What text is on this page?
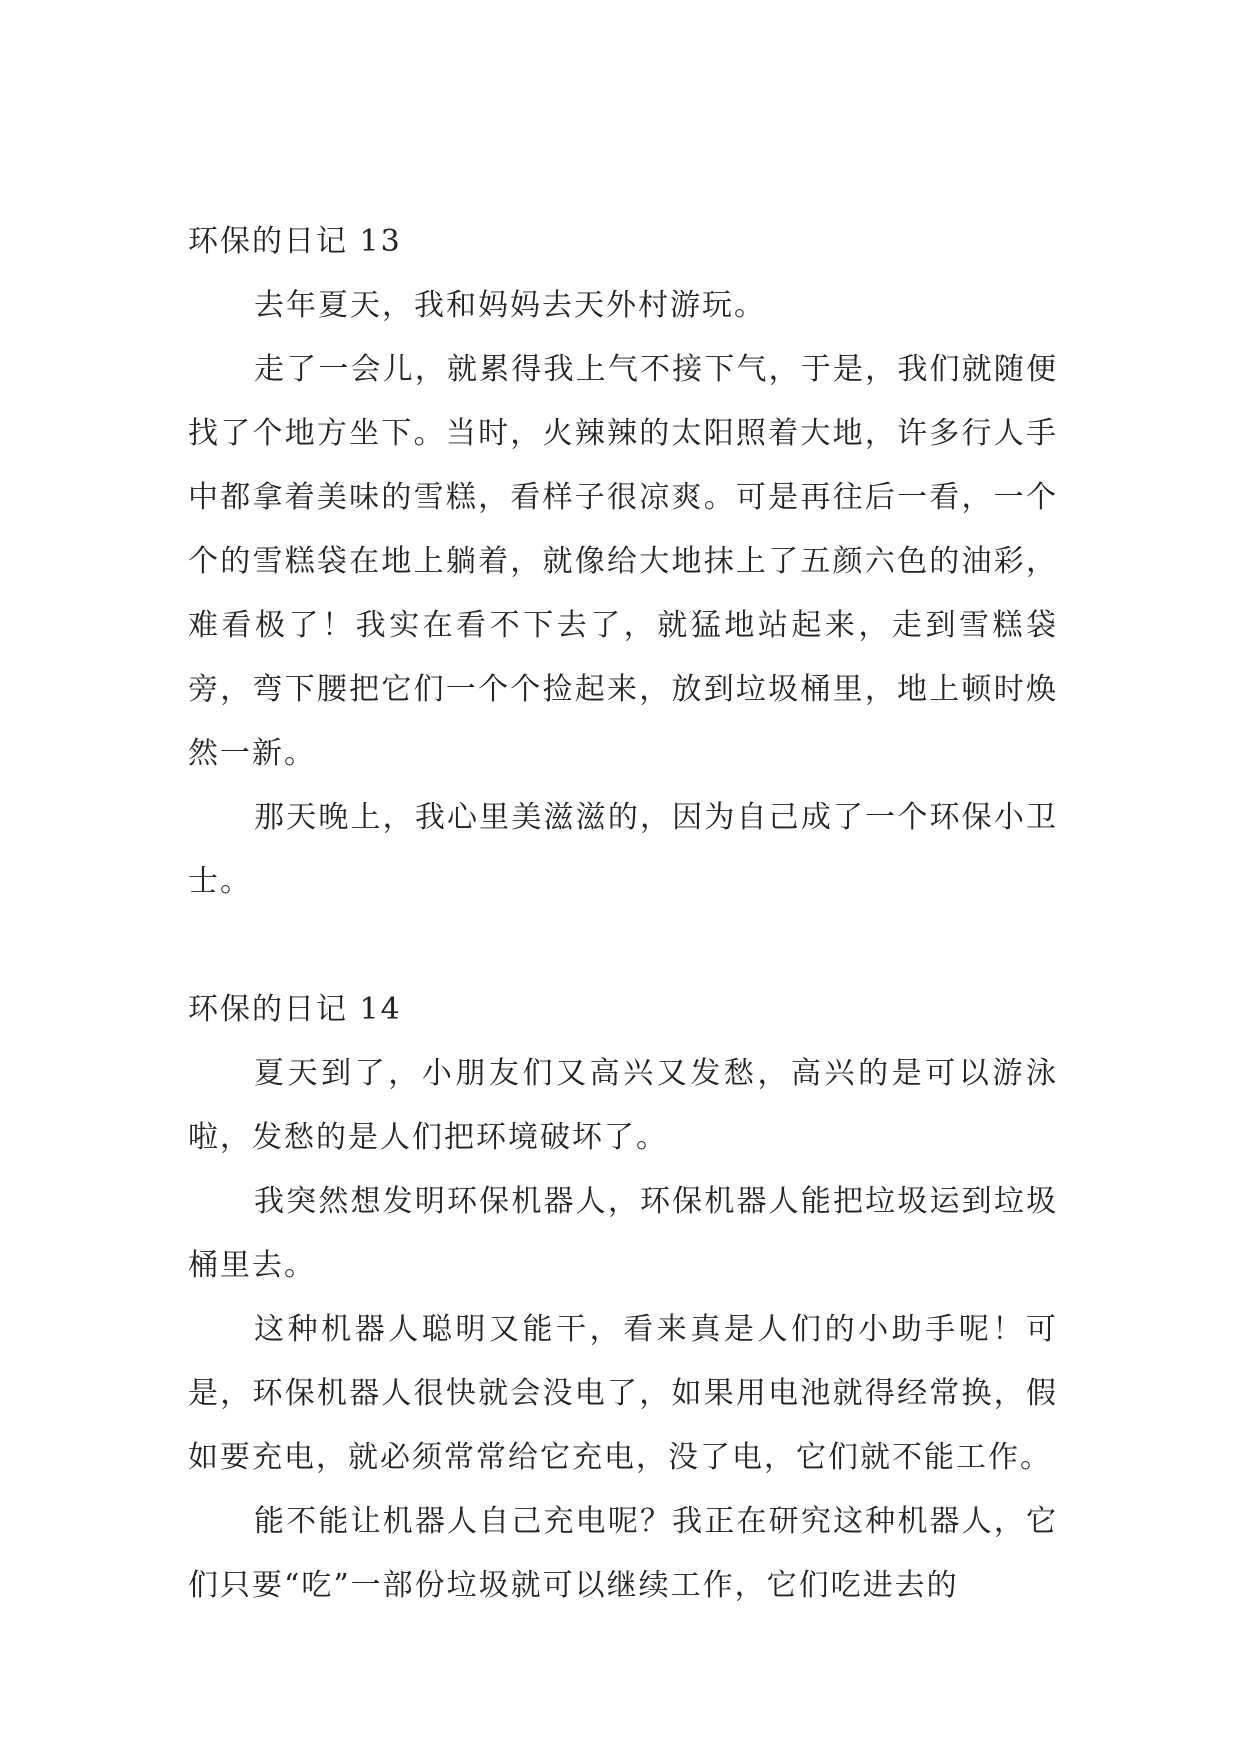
环保的日记 13

去年夏天，我和妈妈去天外村游玩。

走了一会儿，就累得我上气不接下气，于是，我们就随便找了个地方坐下。当时，火辣辣的太阳照着大地，许多行人手中都拿着美味的雪糕，看样子很凉爽。可是再往后一看，一个个的雪糕袋在地上躺着，就像给大地抹上了五颜六色的油彩，难看极了！我实在看不下去了，就猛地站起来，走到雪糕袋旁，弯下腰把它们一个个捡起来，放到垃圾桶里，地上顿时焕然一新。

那天晚上，我心里美滋滋的，因为自己成了一个环保小卫士。

环保的日记 14

夏天到了，小朋友们又高兴又发愁，高兴的是可以游泳啦，发愁的是人们把环境破坏了。

我突然想发明环保机器人，环保机器人能把垃圾运到垃圾桶里去。

这种机器人聪明又能干，看来真是人们的小助手呢！可是，环保机器人很快就会没电了，如果用电池就得经常换，假如要充电，就必须常常给它充电，没了电，它们就不能工作。

能不能让机器人自己充电呢？我正在研究这种机器人，它们只要“吃”一部份垃圾就可以继续工作，它们吃进去的
